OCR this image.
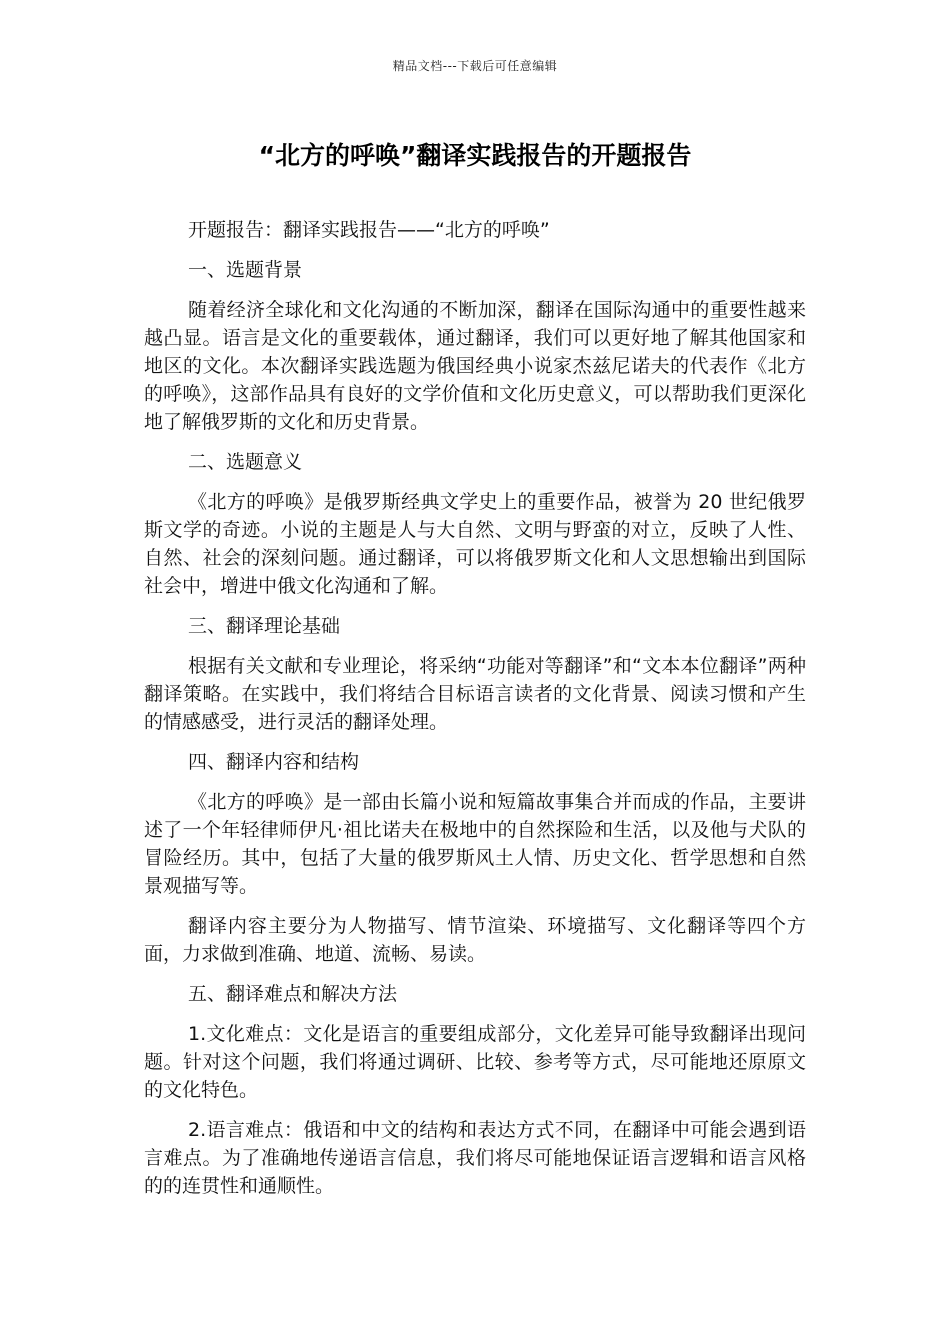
精品文档---下载后可任意编辑
“北方的呼唤”翻译实践报告的开题报告

开题报告：翻译实践报告——“北方的呼唤”

一、选题背景

随着经济全球化和文化沟通的不断加深，翻译在国际沟通中的重要性越来越凸显。语言是文化的重要载体，通过翻译，我们可以更好地了解其他国家和地区的文化。本次翻译实践选题为俄国经典小说家杰兹尼诺夫的代表作《北方的呼唤》，这部作品具有良好的文学价值和文化历史意义，可以帮助我们更深化地了解俄罗斯的文化和历史背景。

二、选题意义

《北方的呼唤》是俄罗斯经典文学史上的重要作品，被誉为 20 世纪俄罗斯文学的奇迹。小说的主题是人与大自然、文明与野蛮的对立，反映了人性、自然、社会的深刻问题。通过翻译，可以将俄罗斯文化和人文思想输出到国际社会中，增进中俄文化沟通和了解。

三、翻译理论基础

根据有关文献和专业理论，将采纳“功能对等翻译”和“文本本位翻译”两种翻译策略。在实践中，我们将结合目标语言读者的文化背景、阅读习惯和产生的情感感受，进行灵活的翻译处理。

四、翻译内容和结构

《北方的呼唤》是一部由长篇小说和短篇故事集合并而成的作品，主要讲述了一个年轻律师伊凡·祖比诺夫在极地中的自然探险和生活，以及他与犬队的冒险经历。其中，包括了大量的俄罗斯风土人情、历史文化、哲学思想和自然景观描写等。

翻译内容主要分为人物描写、情节渲染、环境描写、文化翻译等四个方面，力求做到准确、地道、流畅、易读。

五、翻译难点和解决方法

1.文化难点：文化是语言的重要组成部分，文化差异可能导致翻译出现问题。针对这个问题，我们将通过调研、比较、参考等方式，尽可能地还原原文的文化特色。

2.语言难点：俄语和中文的结构和表达方式不同，在翻译中可能会遇到语言难点。为了准确地传递语言信息，我们将尽可能地保证语言逻辑和语言风格的的连贯性和通顺性。
